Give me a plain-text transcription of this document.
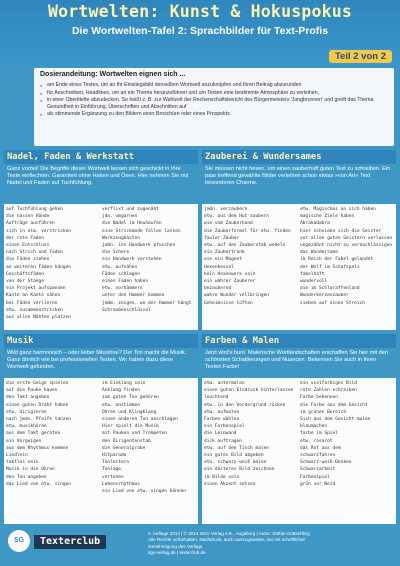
Wortwelten: Kunst & Hokuspokus
Die Wortwelten-Tafel 2: Sprachbilder für Text-Profis
Teil 2 von 2
Dosierandeitung: Wortwelten eignen sich ...
● am Ende eines Textes, um an Ihr Einstiegsbild denselben Wortwelt anzuknüpfen und Ihren Beitrag abzurunden
● für Anschreiben, Headlines, um an ein Thema heranzuführen und um Texten eine bestimmte Atmosphäre zu verleihen,
● in einer Obertitelte abzudecken. So heißt z. B. zur Wahlzeit der Rechenschaftsbericht des Bürgermeisters 'Jungbrunnen' und greift das Thema Gesundheit in Einführung, Überschriften und Abschnitten auf
● als stimmende Ergänzung zu den Bildern einer Broschüre oder eines Prospekts.
Nadel, Faden & Werkstatt
Ganz vorbei! Die Begriffe dieser Wortwelt lassen sich geschickt in Ihre Texte einflechten. Garantiert ohne Haken und Ösen. Hier nehmen Sie mit Nadel und Faden auf Tuchfühlung.
auf Tuchfühlung gehen
die nassen Hände
Aufträge ausführen
sich in etw. verstricken
der rote Faden
einen Entschluss
nach Strich und Faden
die Fäden ziehen
an weiteren Fäden hängen
Geschäftsfäden
von der Stange
ein Projekt aufspannen
Kante an Kante nähen
bei Fäden verlieren
etw. zusammenstricken
aus allen Nähten platzen
verflixt und zugenäht
jdn. umgarnen
die Nadel im Heuhaufen
eine Strickmode fallen lassen
Werkzeugkasten
jmdn. ins Handwerk pfuschen
die Schere
ein Handwerk verstehen
etw. aufnähen
Fäden schlagen
einen Faden haben
etw. vorhämmern
unter den Hammer kommen
jmdm. zeigen, wo der Hammer hängt
Schraubenschlüssel
Zauberei & Wundersames
Sie müssen nicht hexen, um einen zauberhaft guten Text zu schreiben. Ein paar treffend gewählte Bilder verleihen schon etwas »von Art« Text besonderen Charme.
jmdn. verzaubern
etw. aus dem Hut zaubern
wie vom Zauberhand
die Zauberformel für etw. finden
fauler Zauber
etw. auf den Zauberstab wedeln
ein Zaubertrank
wie ein Magnet
Hexenkessel
kein Hexenwerk sein
ein wahrer Zauberer
bezaubernd
wahre Wunder vollbringen
Geheimnisse lüften
etw. Magisches an sich haben
magische Ziele haben
Abrakadabra
hier scheiden sich die Geister
vor allen guten Geistern verlassen
ungezähnt nicht zu vernachlässigen
das Wundersame
im Reich der Fabel gelandet
der Wolf im Schafspelz
fabelhaft
wundervoll
wie im Schlaraffenland
Wunderkerzenzauber
sieben auf einen Streich
Musik
Wild ganz harmonisch – oder lieber Misstöne? Der Ton macht die Musik. Ganz ähnlich wie bei professionellen Texten. Wir haben dazu diese Wortwelt gefunden.
die erste Geige spielen
auf die Pauke hauen
den Takt angeben
einen guten Draht haben
etw. dirigieren
nach jmds. Pfeife tanzen
etw. musikhören
aus dem Takt geraten
ein Vorgeigen
aus dem Rhythmus kommen
Liedlein
taktlos sein
Musik in die Ohren
den Ton angeben
das Lied von etw. singen
im Einklang sein
Anklang finden
zum guten Ton gehören
etw. anstimmen
Ohren und Klingklang
einen anderen Ton anschlagen
Hier spielt die Musik
mit Pauken und Trompeten
den Dirigentenstab
die Generalprobe
Hitparade
Tonleitern
Tonlage
vertonen
Lebensrhythmus
ein Lied von etw. singen können
Farben & Malen
Jetzt wird's bunt. Malerische Wortlandschaften erschaffen Sie hier mit den schönsten Schattierungen und Nuancen. Bekennen Sie auch in Ihren Texten Farbe!
etw. untermalen
einen guten Eindruck hinterlassen
leuchtend
etw. in den Vordergrund rücken
etw. aufmalen
Farben wählen
ein Farbenspiel
die Leinwand
dick auftragen
etw. auf den Tisch malen
ein gutes Bild abgeben
etw. schwarz-weiß malen
ein düsteres Bild zeichnen
im Bilde sein
einen Akzent setzen
ein vielfarbiges Bild
rote Zahlen schreiben
Farbe bekennen
die Farbe aus dem Gesicht
im grünen Bereich
Sich aus dem Gesicht malen
blaumachen
farbe im Spiel
etw. rosarot
das Rot aus dem
schwarzfahren
Schwarz-weiß-Denken
Schwarzarbeit
Farbenspiel
grün vor Neid
ISBN 978-3-941200-XX-X
SG	Texterclub
2. Auflage 2014 | © 2014 SGV Verlag e.K., Augsburg | Autor: Stefan Gottschling
Alle Rechte vorbehalten. Nachdruck, auch auszugsweise, nur mit schriftlicher
Genehmigung des Verlags.
sgv-verlag.de | texterclub.de
